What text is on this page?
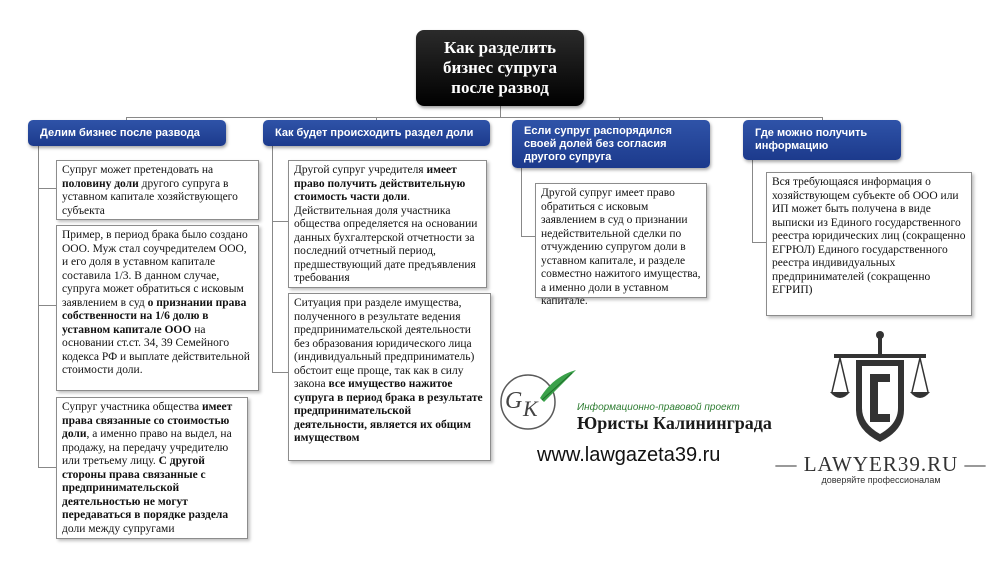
Как разделить
бизнес супруга
после развод
Делим бизнес после развода	Как будет происходить раздел доли	Если супруг распорядился своей долей без согласия другого супруга
Где можно получить информацию
Супруг может претендовать на половину доли другого супруга в уставном капитале хозяйствующего субъекта
Пример, в период брака было создано ООО. Муж стал соучредителем ООО, и его доля в уставном капитале составила 1/3. В данном случае, супруга может обратиться с исковым заявлением в суд о признании права собственности на 1/6 долю в уставном капитале ООО на основании ст.ст. 34, 39 Семейного кодекса РФ и выплате действительной стоимости доли.
Супруг участника общества имеет права связанные со стоимостью доли, а именно право на выдел, на продажу, на передачу учредителю или третьему лицу. С другой стороны права связанные с предпринимательской деятельностью не могут передаваться в порядке раздела доли между супругами
Другой супруг учредителя имеет право получить действительную стоимость части доли. Действительная доля участника общества определяется на основании данных бухгалтерской отчетности за последний отчетный период, предшествующий дате предъявления требования
Ситуация при разделе имущества, полученного в результате ведения предпринимательской деятельности без образования юридического лица (индивидуальный предприниматель) обстоит еще проще, так как в силу закона все имущество нажитое супруга в период брака в результате предпринимательской деятельности, является их общим имуществом
Другой супруг имеет право обратиться с исковым заявлением в суд о признании недействительной сделки по отчуждению супругом доли в уставном капитале, и разделе совместно нажитого имущества, а именно доли в уставном капитале.
Вся требующаяся информация о хозяйствующем субъекте об ООО или ИП может быть получена в виде выписки из Единого государственного реестра юридических лиц (сокращенно ЕГРЮЛ) Единого государственного реестра индивидуальных предпринимателей (сокращенно ЕГРИП)
G K	Информационно-правовой проект
Юристы Калининграда
www.lawgazeta39.ru	— LAWYER39.RU —
доверяйте профессионалам
